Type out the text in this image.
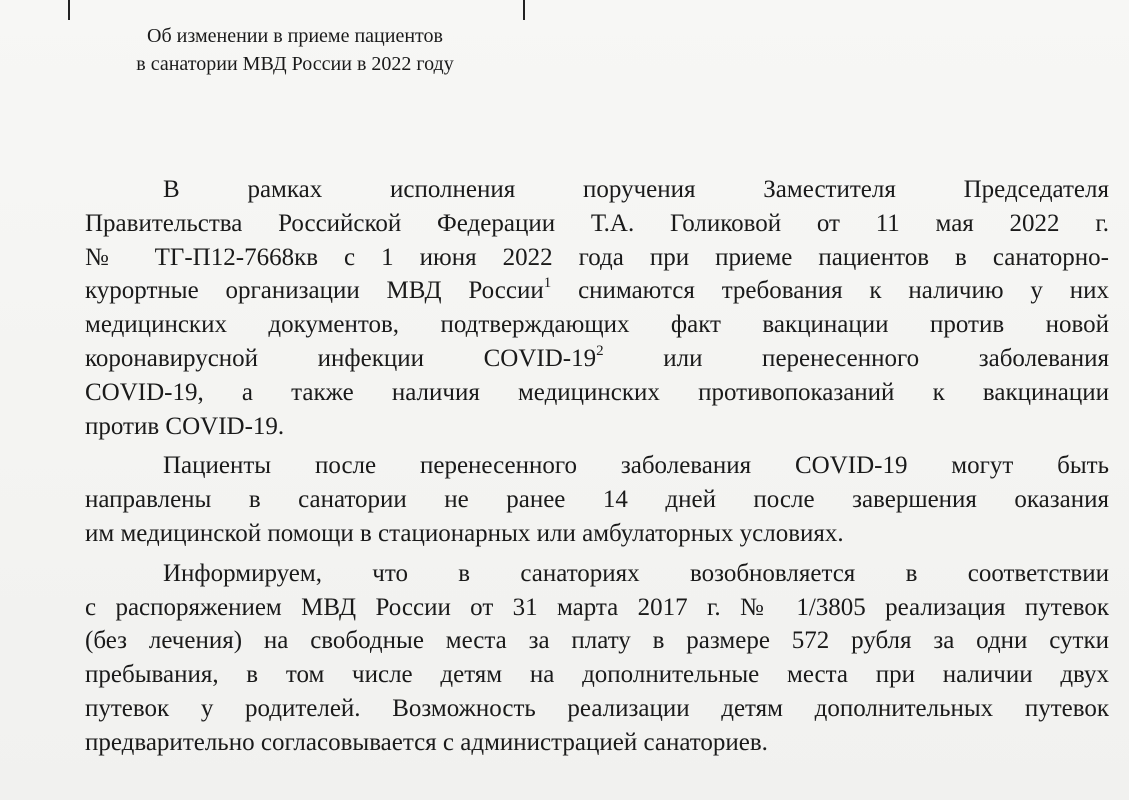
Об изменении в приеме пациентов
в санатории МВД России в 2022 году
В рамках исполнения поручения Заместителя Председателя
Правительства Российской Федерации Т.А. Голиковой от 11 мая 2022 г.
№ ТГ-П12-7668кв с 1 июня 2022 года при приеме пациентов в санаторно-
курортные организации МВД России$^1$ снимаются требования к наличию у них
медицинских документов, подтверждающих факт вакцинации против новой
коронавирусной инфекции COVID-$19^2$ или перенесенного заболевания
COVID-19, а также наличия медицинских противопоказаний к вакцинации
против COVID-19.
Пациенты после перенесенного заболевания COVID-19 могут быть
направлены в санатории не ранее 14 дней после завершения оказания
им медицинской помощи в стационарных или амбулаторных условиях.
Информируем, что в санаториях возобновляется в соответствии
с распоряжением МВД России от 31 марта 2017 г. № 1/3805 реализация путевок
(без лечения) на свободные места за плату в размере 572 рубля за одни сутки
пребывания, в том числе детям на дополнительные места при наличии двух
путевок у родителей. Возможность реализации детям дополнительных путевок
предварительно согласовывается с администрацией санаториев.
